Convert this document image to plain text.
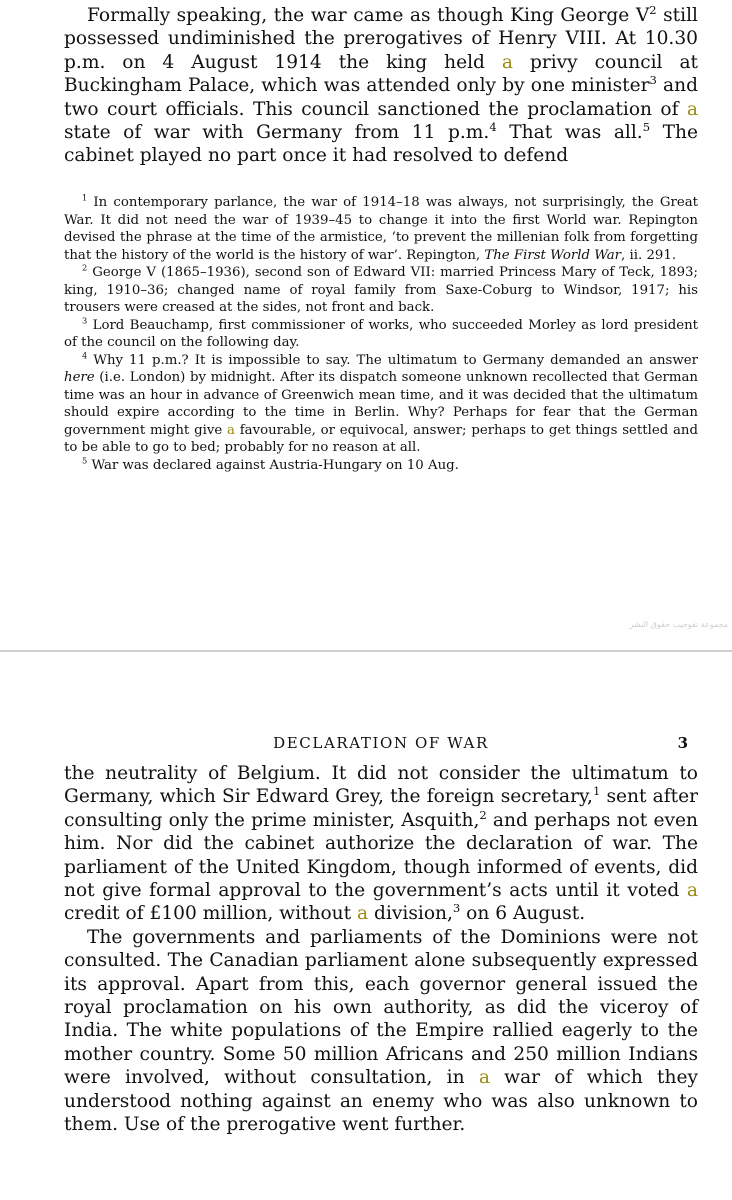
Formally speaking, the war came as though King George $V^2$ still possessed undiminished the prerogatives of Henry VIII. At 10.30 p.m. on 4 August 1914 the king held a privy council at Buckingham Palace, which was attended only by one minister$^3$ and two court officials. This council sanctioned the proclamation of a state of war with Germany from 11 p.m.$^4$ That was all.$^5$ The cabinet played no part once it had resolved to defend

$^1$ In contemporary parlance, the war of 1914–18 was always, not surprisingly, the Great War. It did not need the war of 1939–45 to change it into the first World war. Repington devised the phrase at the time of the armistice, ‘to prevent the millenian folk from forgetting that the history of the world is the history of war’. Repington, The First World War, ii. 291.

$^2$ George V (1865–1936), second son of Edward VII: married Princess Mary of Teck, 1893; king, 1910–36; changed name of royal family from Saxe-Coburg to Windsor, 1917; his trousers were creased at the sides, not front and back.

$^3$ Lord Beauchamp, first commissioner of works, who succeeded Morley as lord president of the council on the following day.

$^4$ Why 11 p.m.? It is impossible to say. The ultimatum to Germany demanded an answer here (i.e. London) by midnight. After its dispatch someone unknown recollected that German time was an hour in advance of Greenwich mean time, and it was decided that the ultimatum should expire according to the time in Berlin. Why? Perhaps for fear that the German government might give a favourable, or equivocal, answer; perhaps to get things settled and to be able to go to bed; probably for no reason at all.

$^5$ War was declared against Austria-Hungary on 10 Aug.

مجموعة نقوجيب حقوق النشر
DECLARATION OF WAR	3

the neutrality of Belgium. It did not consider the ultimatum to Germany, which Sir Edward Grey, the foreign secretary,$^1$ sent after consulting only the prime minister, Asquith,$^2$ and perhaps not even him. Nor did the cabinet authorize the declaration of war. The parliament of the United Kingdom, though informed of events, did not give formal approval to the government’s acts until it voted a credit of £100 million, without a division,$^3$ on 6 August.

The governments and parliaments of the Dominions were not consulted. The Canadian parliament alone subsequently expressed its approval. Apart from this, each governor general issued the royal proclamation on his own authority, as did the viceroy of India. The white populations of the Empire rallied eagerly to the mother country. Some 50 million Africans and 250 million Indians were involved, without consultation, in a war of which they understood nothing against an enemy who was also unknown to them. Use of the prerogative went further.
